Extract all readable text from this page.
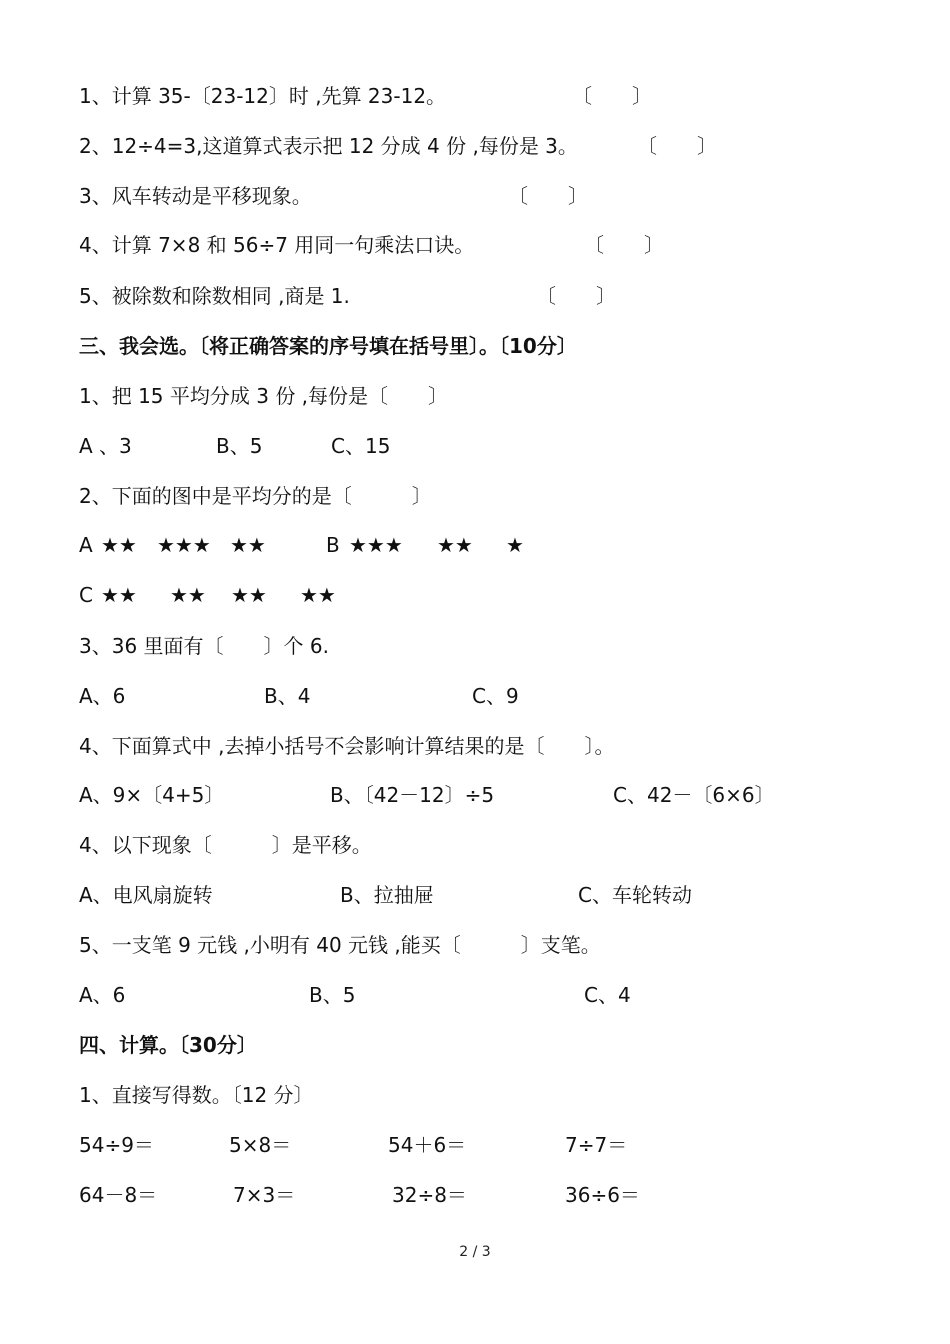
1、计算 35-〔23-12〕时 ,先算 23-12。	〔　　〕
2、12÷4=3,这道算式表示把 12 分成 4 份 ,每份是 3。	〔　　〕
3、风车转动是平移现象。	〔　　〕
4、计算 7×8 和 56÷7 用同一句乘法口诀。	〔　　〕
5、被除数和除数相同 ,商是 1.	〔　　〕
三、我会选。〔将正确答案的序号填在括号里〕。〔10分〕
1、把 15 平均分成 3 份 ,每份是〔　　〕
A 、3	B、5	C、15
2、下面的图中是平均分的是〔　　　〕
A ★★ ★★★ ★★	B ★★★ ★★ ★
C ★★ ★★ ★★ ★★
3、36 里面有〔　　〕个 6.
A、6	B、4	C、9
4、下面算式中 ,去掉小括号不会影响计算结果的是〔　　〕。
A、9×〔4+5〕	B、〔42－12〕÷5	C、42－〔6×6〕
4、以下现象〔　　　〕是平移。
A、电风扇旋转	B、拉抽屉	C、车轮转动
5、一支笔 9 元钱 ,小明有 40 元钱 ,能买〔　　　〕支笔。
A、6	B、5	C、4
四、计算。〔30分〕
1、直接写得数。〔12 分〕
54÷9＝	5×8＝	54＋6＝	7÷7＝
64－8＝	7×3＝	32÷8＝	36÷6＝
2 / 3
